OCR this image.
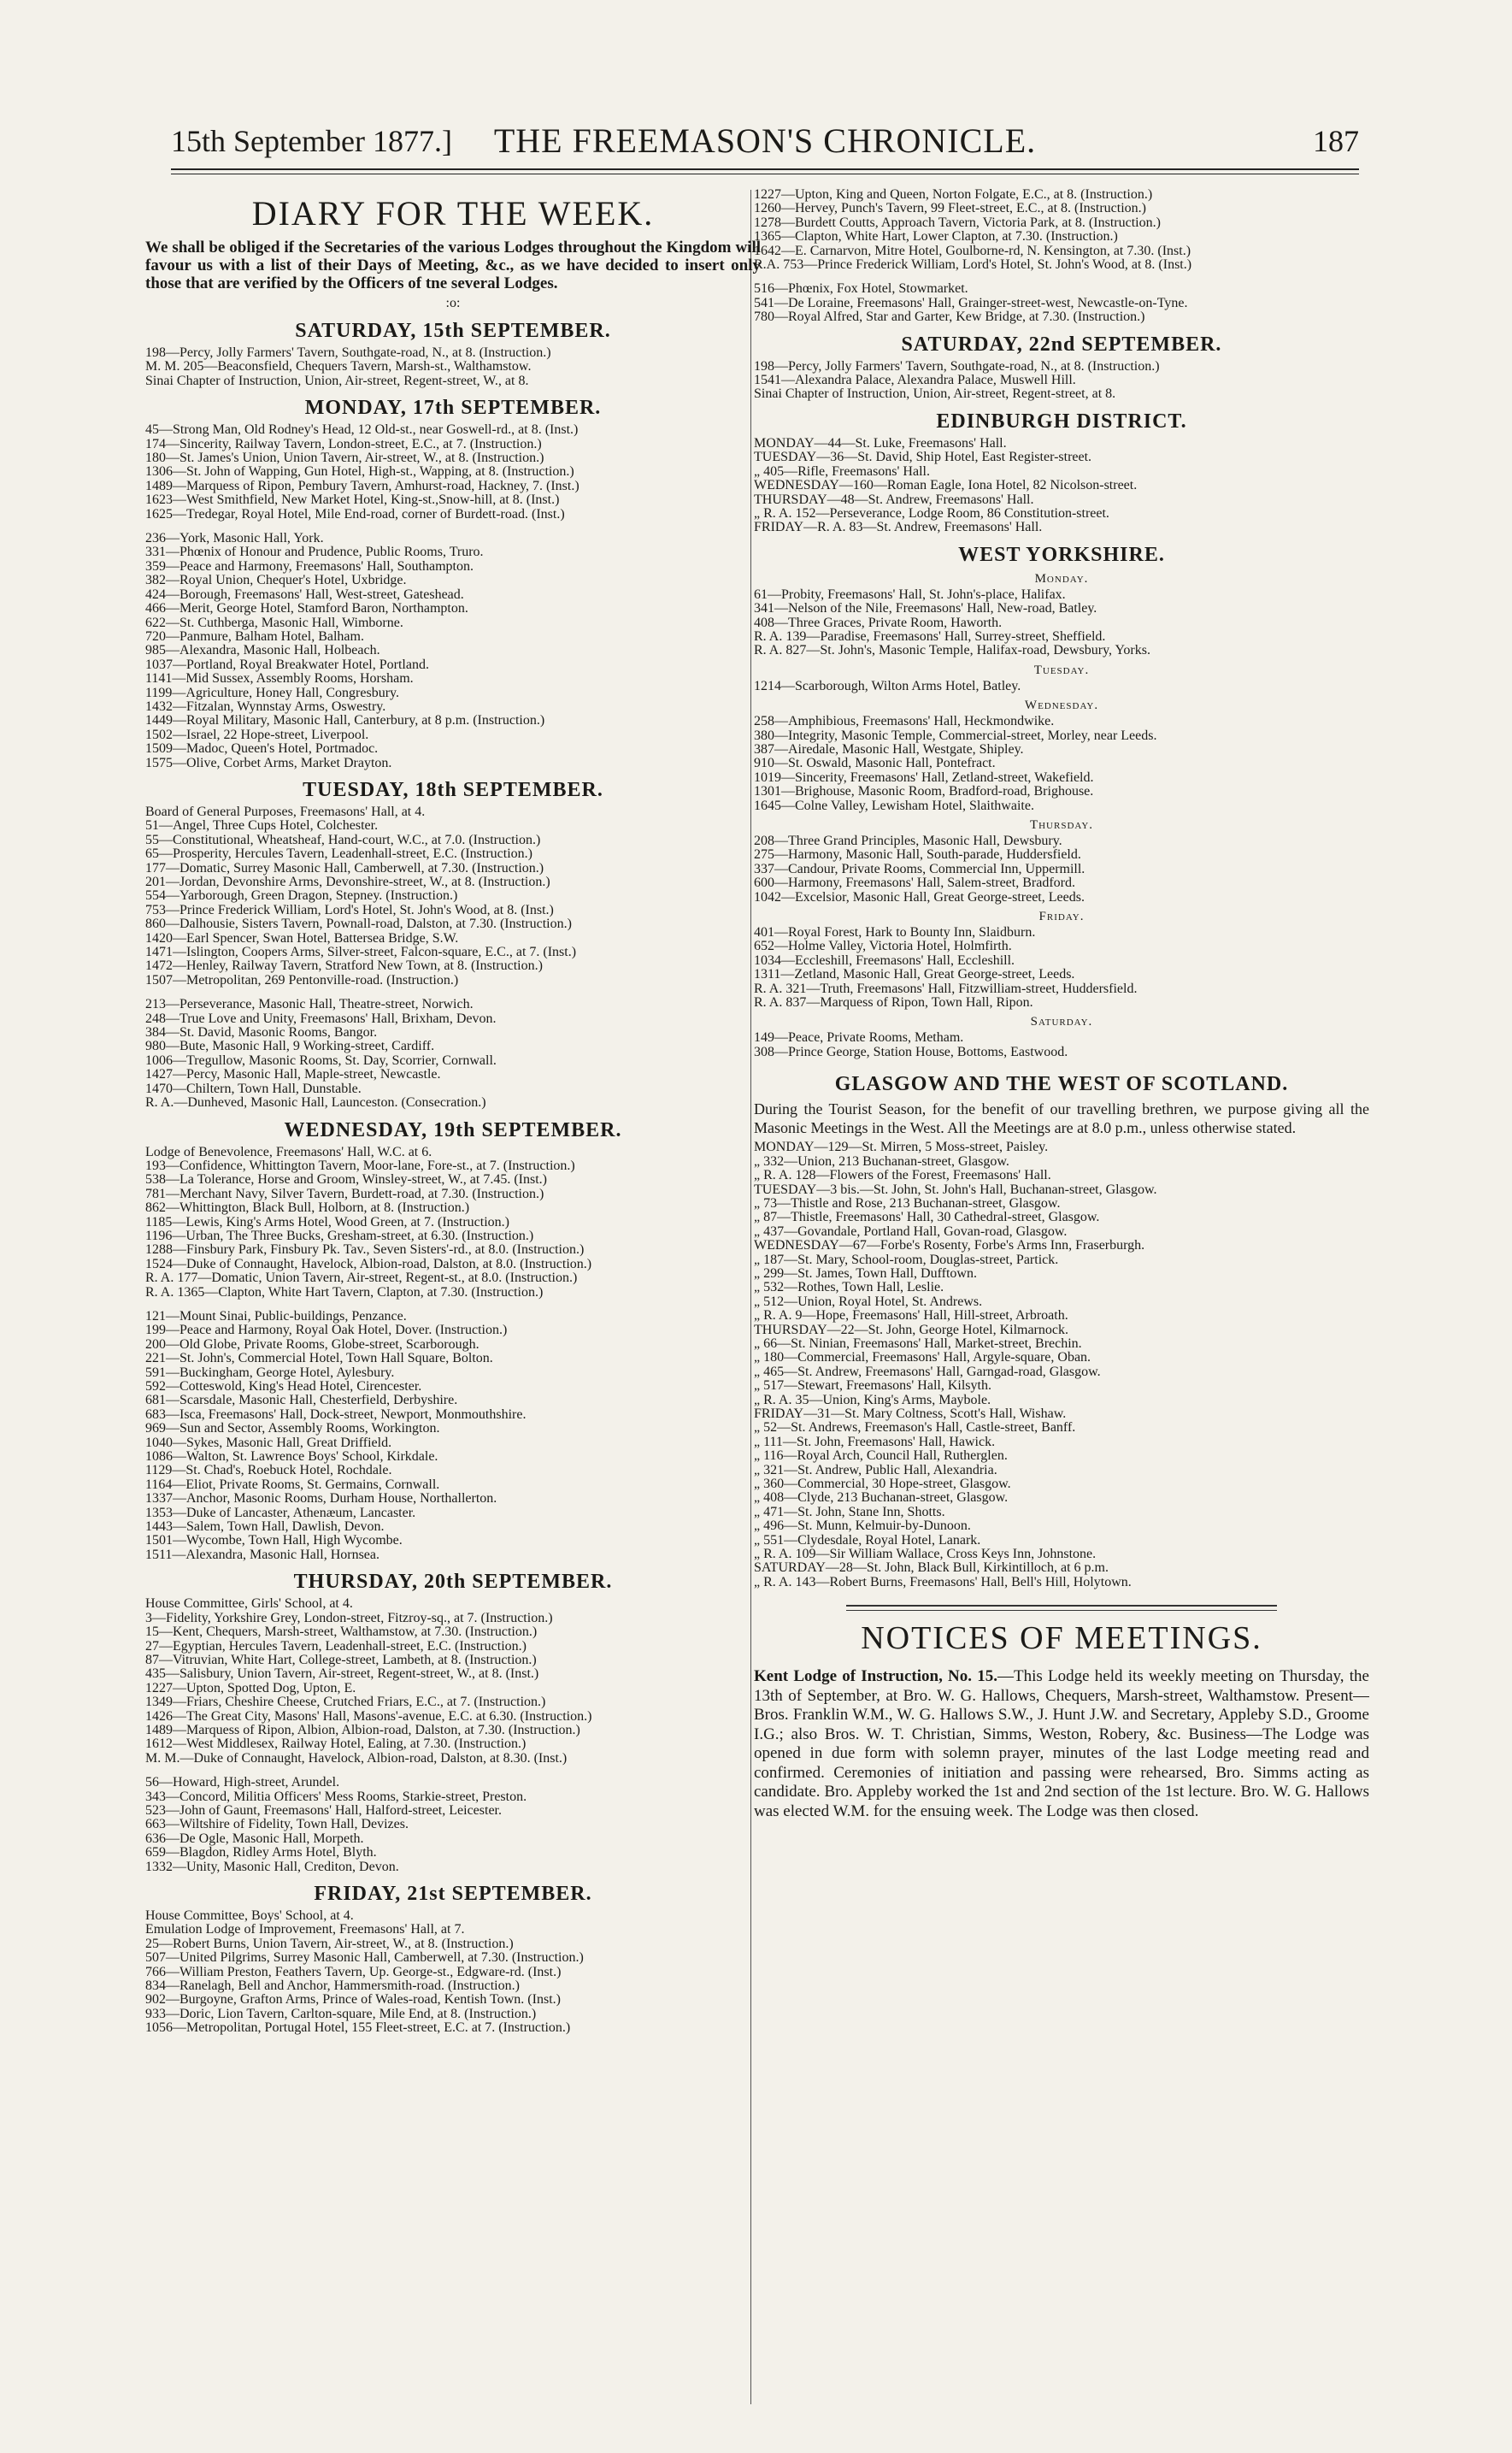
15th September 1877.]	THE FREEMASON'S CHRONICLE.	187
DIARY FOR THE WEEK.

We shall be obliged if the Secretaries of the various Lodges throughout the Kingdom will favour us with a list of their Days of Meeting, &c., as we have decided to insert only those that are verified by the Officers of tne several Lodges.

:o:
SATURDAY, 15th SEPTEMBER.
198—Percy, Jolly Farmers' Tavern, Southgate-road, N., at 8. (Instruction.)
M. M. 205—Beaconsfield, Chequers Tavern, Marsh-st., Walthamstow.
Sinai Chapter of Instruction, Union, Air-street, Regent-street, W., at 8.
MONDAY, 17th SEPTEMBER.
45—Strong Man, Old Rodney's Head, 12 Old-st., near Goswell-rd., at 8. (Inst.)
174—Sincerity, Railway Tavern, London-street, E.C., at 7. (Instruction.)
180—St. James's Union, Union Tavern, Air-street, W., at 8. (Instruction.)
1306—St. John of Wapping, Gun Hotel, High-st., Wapping, at 8. (Instruction.)
1489—Marquess of Ripon, Pembury Tavern, Amhurst-road, Hackney, 7. (Inst.)
1623—West Smithfield, New Market Hotel, King-st.,Snow-hill, at 8. (Inst.)
1625—Tredegar, Royal Hotel, Mile End-road, corner of Burdett-road. (Inst.)
236—York, Masonic Hall, York.
331—Phœnix of Honour and Prudence, Public Rooms, Truro.
359—Peace and Harmony, Freemasons' Hall, Southampton.
382—Royal Union, Chequer's Hotel, Uxbridge.
424—Borough, Freemasons' Hall, West-street, Gateshead.
466—Merit, George Hotel, Stamford Baron, Northampton.
622—St. Cuthberga, Masonic Hall, Wimborne.
720—Panmure, Balham Hotel, Balham.
985—Alexandra, Masonic Hall, Holbeach.
1037—Portland, Royal Breakwater Hotel, Portland.
1141—Mid Sussex, Assembly Rooms, Horsham.
1199—Agriculture, Honey Hall, Congresbury.
1432—Fitzalan, Wynnstay Arms, Oswestry.
1449—Royal Military, Masonic Hall, Canterbury, at 8 p.m. (Instruction.)
1502—Israel, 22 Hope-street, Liverpool.
1509—Madoc, Queen's Hotel, Portmadoc.
1575—Olive, Corbet Arms, Market Drayton.
TUESDAY, 18th SEPTEMBER.
Board of General Purposes, Freemasons' Hall, at 4.
51—Angel, Three Cups Hotel, Colchester.
55—Constitutional, Wheatsheaf, Hand-court, W.C., at 7.0. (Instruction.)
65—Prosperity, Hercules Tavern, Leadenhall-street, E.C. (Instruction.)
177—Domatic, Surrey Masonic Hall, Camberwell, at 7.30. (Instruction.)
201—Jordan, Devonshire Arms, Devonshire-street, W., at 8. (Instruction.)
554—Yarborough, Green Dragon, Stepney. (Instruction.)
753—Prince Frederick William, Lord's Hotel, St. John's Wood, at 8. (Inst.)
860—Dalhousie, Sisters Tavern, Pownall-road, Dalston, at 7.30. (Instruction.)
1420—Earl Spencer, Swan Hotel, Battersea Bridge, S.W.
1471—Islington, Coopers Arms, Silver-street, Falcon-square, E.C., at 7. (Inst.)
1472—Henley, Railway Tavern, Stratford New Town, at 8. (Instruction.)
1507—Metropolitan, 269 Pentonville-road. (Instruction.)
213—Perseverance, Masonic Hall, Theatre-street, Norwich.
248—True Love and Unity, Freemasons' Hall, Brixham, Devon.
384—St. David, Masonic Rooms, Bangor.
980—Bute, Masonic Hall, 9 Working-street, Cardiff.
1006—Tregullow, Masonic Rooms, St. Day, Scorrier, Cornwall.
1427—Percy, Masonic Hall, Maple-street, Newcastle.
1470—Chiltern, Town Hall, Dunstable.
R. A.—Dunheved, Masonic Hall, Launceston. (Consecration.)
WEDNESDAY, 19th SEPTEMBER.
Lodge of Benevolence, Freemasons' Hall, W.C. at 6.
193—Confidence, Whittington Tavern, Moor-lane, Fore-st., at 7. (Instruction.)
538—La Tolerance, Horse and Groom, Winsley-street, W., at 7.45. (Inst.)
781—Merchant Navy, Silver Tavern, Burdett-road, at 7.30. (Instruction.)
862—Whittington, Black Bull, Holborn, at 8. (Instruction.)
1185—Lewis, King's Arms Hotel, Wood Green, at 7. (Instruction.)
1196—Urban, The Three Bucks, Gresham-street, at 6.30. (Instruction.)
1288—Finsbury Park, Finsbury Pk. Tav., Seven Sisters'-rd., at 8.0. (Instruction.)
1524—Duke of Connaught, Havelock, Albion-road, Dalston, at 8.0. (Instruction.)
R. A. 177—Domatic, Union Tavern, Air-street, Regent-st., at 8.0. (Instruction.)
R. A. 1365—Clapton, White Hart Tavern, Clapton, at 7.30. (Instruction.)
121—Mount Sinai, Public-buildings, Penzance.
199—Peace and Harmony, Royal Oak Hotel, Dover. (Instruction.)
200—Old Globe, Private Rooms, Globe-street, Scarborough.
221—St. John's, Commercial Hotel, Town Hall Square, Bolton.
591—Buckingham, George Hotel, Aylesbury.
592—Cotteswold, King's Head Hotel, Cirencester.
681—Scarsdale, Masonic Hall, Chesterfield, Derbyshire.
683—Isca, Freemasons' Hall, Dock-street, Newport, Monmouthshire.
969—Sun and Sector, Assembly Rooms, Workington.
1040—Sykes, Masonic Hall, Great Driffield.
1086—Walton, St. Lawrence Boys' School, Kirkdale.
1129—St. Chad's, Roebuck Hotel, Rochdale.
1164—Eliot, Private Rooms, St. Germains, Cornwall.
1337—Anchor, Masonic Rooms, Durham House, Northallerton.
1353—Duke of Lancaster, Athenæum, Lancaster.
1443—Salem, Town Hall, Dawlish, Devon.
1501—Wycombe, Town Hall, High Wycombe.
1511—Alexandra, Masonic Hall, Hornsea.
THURSDAY, 20th SEPTEMBER.
House Committee, Girls' School, at 4.
3—Fidelity, Yorkshire Grey, London-street, Fitzroy-sq., at 7. (Instruction.)
15—Kent, Chequers, Marsh-street, Walthamstow, at 7.30. (Instruction.)
27—Egyptian, Hercules Tavern, Leadenhall-street, E.C. (Instruction.)
87—Vitruvian, White Hart, College-street, Lambeth, at 8. (Instruction.)
435—Salisbury, Union Tavern, Air-street, Regent-street, W., at 8. (Inst.)
1227—Upton, Spotted Dog, Upton, E.
1349—Friars, Cheshire Cheese, Crutched Friars, E.C., at 7. (Instruction.)
1426—The Great City, Masons' Hall, Masons'-avenue, E.C. at 6.30. (Instruction.)
1489—Marquess of Ripon, Albion, Albion-road, Dalston, at 7.30. (Instruction.)
1612—West Middlesex, Railway Hotel, Ealing, at 7.30. (Instruction.)
M. M.—Duke of Connaught, Havelock, Albion-road, Dalston, at 8.30. (Inst.)
56—Howard, High-street, Arundel.
343—Concord, Militia Officers' Mess Rooms, Starkie-street, Preston.
523—John of Gaunt, Freemasons' Hall, Halford-street, Leicester.
663—Wiltshire of Fidelity, Town Hall, Devizes.
636—De Ogle, Masonic Hall, Morpeth.
659—Blagdon, Ridley Arms Hotel, Blyth.
1332—Unity, Masonic Hall, Crediton, Devon.
FRIDAY, 21st SEPTEMBER.
House Committee, Boys' School, at 4.
Emulation Lodge of Improvement, Freemasons' Hall, at 7.
25—Robert Burns, Union Tavern, Air-street, W., at 8. (Instruction.)
507—United Pilgrims, Surrey Masonic Hall, Camberwell, at 7.30. (Instruction.)
766—William Preston, Feathers Tavern, Up. George-st., Edgware-rd. (Inst.)
834—Ranelagh, Bell and Anchor, Hammersmith-road. (Instruction.)
902—Burgoyne, Grafton Arms, Prince of Wales-road, Kentish Town. (Inst.)
933—Doric, Lion Tavern, Carlton-square, Mile End, at 8. (Instruction.)
1056—Metropolitan, Portugal Hotel, 155 Fleet-street, E.C. at 7. (Instruction.)
1227—Upton, King and Queen, Norton Folgate, E.C., at 8. (Instruction.)
1260—Hervey, Punch's Tavern, 99 Fleet-street, E.C., at 8. (Instruction.)
1278—Burdett Coutts, Approach Tavern, Victoria Park, at 8. (Instruction.)
1365—Clapton, White Hart, Lower Clapton, at 7.30. (Instruction.)
1642—E. Carnarvon, Mitre Hotel, Goulborne-rd, N. Kensington, at 7.30. (Inst.)
R.A. 753—Prince Frederick William, Lord's Hotel, St. John's Wood, at 8. (Inst.)
516—Phœnix, Fox Hotel, Stowmarket.
541—De Loraine, Freemasons' Hall, Grainger-street-west, Newcastle-on-Tyne.
780—Royal Alfred, Star and Garter, Kew Bridge, at 7.30. (Instruction.)
SATURDAY, 22nd SEPTEMBER.
198—Percy, Jolly Farmers' Tavern, Southgate-road, N., at 8. (Instruction.)
1541—Alexandra Palace, Alexandra Palace, Muswell Hill.
Sinai Chapter of Instruction, Union, Air-street, Regent-street, at 8.
EDINBURGH DISTRICT.
MONDAY—44—St. Luke, Freemasons' Hall.
TUESDAY—36—St. David, Ship Hotel, East Register-street.
„ 405—Rifle, Freemasons' Hall.
WEDNESDAY—160—Roman Eagle, Iona Hotel, 82 Nicolson-street.
THURSDAY—48—St. Andrew, Freemasons' Hall.
„ R. A. 152—Perseverance, Lodge Room, 86 Constitution-street.
FRIDAY—R. A. 83—St. Andrew, Freemasons' Hall.
WEST YORKSHIRE.
Monday.
61—Probity, Freemasons' Hall, St. John's-place, Halifax.
341—Nelson of the Nile, Freemasons' Hall, New-road, Batley.
408—Three Graces, Private Room, Haworth.
R. A. 139—Paradise, Freemasons' Hall, Surrey-street, Sheffield.
R. A. 827—St. John's, Masonic Temple, Halifax-road, Dewsbury, Yorks.
Tuesday.
1214—Scarborough, Wilton Arms Hotel, Batley.
Wednesday.
258—Amphibious, Freemasons' Hall, Heckmondwike.
380—Integrity, Masonic Temple, Commercial-street, Morley, near Leeds.
387—Airedale, Masonic Hall, Westgate, Shipley.
910—St. Oswald, Masonic Hall, Pontefract.
1019—Sincerity, Freemasons' Hall, Zetland-street, Wakefield.
1301—Brighouse, Masonic Room, Bradford-road, Brighouse.
1645—Colne Valley, Lewisham Hotel, Slaithwaite.
Thursday.
208—Three Grand Principles, Masonic Hall, Dewsbury.
275—Harmony, Masonic Hall, South-parade, Huddersfield.
337—Candour, Private Rooms, Commercial Inn, Uppermill.
600—Harmony, Freemasons' Hall, Salem-street, Bradford.
1042—Excelsior, Masonic Hall, Great George-street, Leeds.
Friday.
401—Royal Forest, Hark to Bounty Inn, Slaidburn.
652—Holme Valley, Victoria Hotel, Holmfirth.
1034—Eccleshill, Freemasons' Hall, Eccleshill.
1311—Zetland, Masonic Hall, Great George-street, Leeds.
R. A. 321—Truth, Freemasons' Hall, Fitzwilliam-street, Huddersfield.
R. A. 837—Marquess of Ripon, Town Hall, Ripon.
Saturday.
149—Peace, Private Rooms, Metham.
308—Prince George, Station House, Bottoms, Eastwood.
GLASGOW AND THE WEST OF SCOTLAND.

During the Tourist Season, for the benefit of our travelling brethren, we purpose giving all the Masonic Meetings in the West. All the Meetings are at 8.0 p.m., unless otherwise stated.

MONDAY—129—St. Mirren, 5 Moss-street, Paisley.
„ 332—Union, 213 Buchanan-street, Glasgow.
„ R. A. 128—Flowers of the Forest, Freemasons' Hall.
TUESDAY—3 bis.—St. John, St. John's Hall, Buchanan-street, Glasgow.
„ 73—Thistle and Rose, 213 Buchanan-street, Glasgow.
„ 87—Thistle, Freemasons' Hall, 30 Cathedral-street, Glasgow.
„ 437—Govandale, Portland Hall, Govan-road, Glasgow.
WEDNESDAY—67—Forbe's Rosenty, Forbe's Arms Inn, Fraserburgh.
„ 187—St. Mary, School-room, Douglas-street, Partick.
„ 299—St. James, Town Hall, Dufftown.
„ 532—Rothes, Town Hall, Leslie.
„ 512—Union, Royal Hotel, St. Andrews.
„ R. A. 9—Hope, Freemasons' Hall, Hill-street, Arbroath.
THURSDAY—22—St. John, George Hotel, Kilmarnock.
„ 66—St. Ninian, Freemasons' Hall, Market-street, Brechin.
„ 180—Commercial, Freemasons' Hall, Argyle-square, Oban.
„ 465—St. Andrew, Freemasons' Hall, Garngad-road, Glasgow.
„ 517—Stewart, Freemasons' Hall, Kilsyth.
„ R. A. 35—Union, King's Arms, Maybole.
FRIDAY—31—St. Mary Coltness, Scott's Hall, Wishaw.
„ 52—St. Andrews, Freemason's Hall, Castle-street, Banff.
„ 111—St. John, Freemasons' Hall, Hawick.
„ 116—Royal Arch, Council Hall, Rutherglen.
„ 321—St. Andrew, Public Hall, Alexandria.
„ 360—Commercial, 30 Hope-street, Glasgow.
„ 408—Clyde, 213 Buchanan-street, Glasgow.
„ 471—St. John, Stane Inn, Shotts.
„ 496—St. Munn, Kelmuir-by-Dunoon.
„ 551—Clydesdale, Royal Hotel, Lanark.
„ R. A. 109—Sir William Wallace, Cross Keys Inn, Johnstone.
SATURDAY—28—St. John, Black Bull, Kirkintilloch, at 6 p.m.
„ R. A. 143—Robert Burns, Freemasons' Hall, Bell's Hill, Holytown.
NOTICES OF MEETINGS.

Kent Lodge of Instruction, No. 15.—This Lodge held its weekly meeting on Thursday, the 13th of September, at Bro. W. G. Hallows, Chequers, Marsh-street, Walthamstow. Present—Bros. Franklin W.M., W. G. Hallows S.W., J. Hunt J.W. and Secretary, Appleby S.D., Groome I.G.; also Bros. W. T. Christian, Simms, Weston, Robery, &c. Business—The Lodge was opened in due form with solemn prayer, minutes of the last Lodge meeting read and confirmed. Ceremonies of initiation and passing were rehearsed, Bro. Simms acting as candidate. Bro. Appleby worked the 1st and 2nd section of the 1st lecture. Bro. W. G. Hallows was elected W.M. for the ensuing week. The Lodge was then closed.
